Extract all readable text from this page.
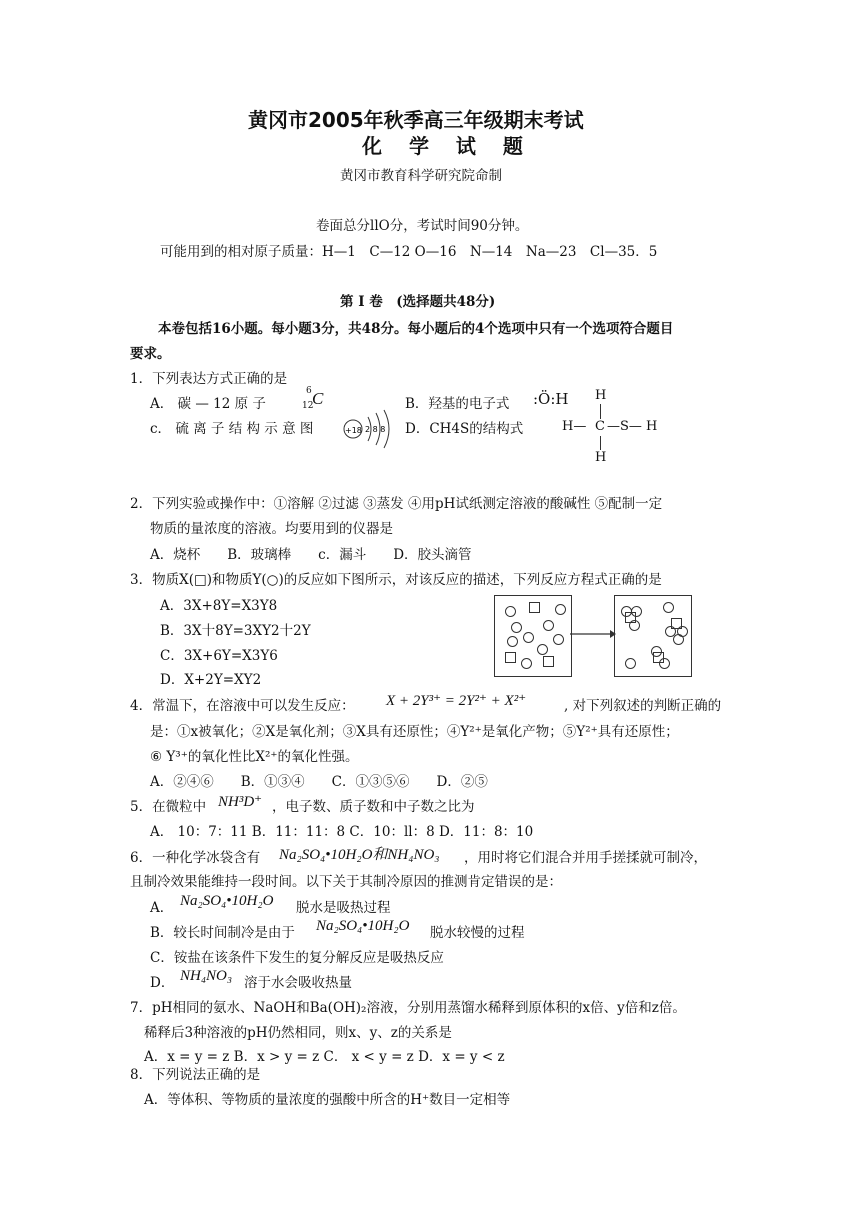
黄冈市2005年秋季高三年级期末考试
化 学 试 题
黄冈市教育科学研究院命制
卷面总分llO分，考试时间90分钟。
可能用到的相对原子质量：H—1　C—12 O—16　N—14　Na—23　Cl—35．5
第 I 卷　(选择题共48分)
本卷包括16小题。每小题3分，共48分。每小题后的4个选项中只有一个选项符合题目
要求。
1．下列表达方式正确的是
A． 碳 — 12 原 子
6
12
C	B．羟基的电子式 :Ö:H
c． 硫 离 子 结 构 示 意 图	+18 2 8 8 D．CH4S的结构式
H
H— C —S— H
H
2．下列实验或操作中：①溶解 ②过滤 ③蒸发 ④用pH试纸测定溶液的酸碱性 ⑤配制一定
物质的量浓度的溶液。均要用到的仪器是
A．烧杯　　B．玻璃棒　　c．漏斗　　D．胶头滴管
3．物质X(□)和物质Y(○)的反应如下图所示，对该反应的描述，下列反应方程式正确的是
A．3X+8Y=X3Y8
B．3X十8Y=3XY2十2Y
C．3X+6Y=X3Y6
D．X+2Y=XY2
4．常温下，在溶液中可以发生反应： X + 2Y³⁺ = 2Y²⁺ + X²⁺	, 对下列叙述的判断正确的
是：①x被氧化；②X是氧化剂；③X具有还原性；④Y²⁺是氧化产物；⑤Y²⁺具有还原性；
⑥ Y³⁺的氧化性比X²⁺的氧化性强。
A．②④⑥　　B．①③④　　C．①③⑤⑥　　D．②⑤
5．在微粒中 NH³D⁺ ，电子数、质子数和中子数之比为
A． 10：7：11 B．11：11：8 C．10：ll：8 D．11：8：10
6．一种化学冰袋含有 Na₂SO₄•10H₂O和NH₄NO₃ ，用时将它们混合并用手搓揉就可制冷，
且制冷效果能维持一段时间。以下关于其制冷原因的推测肯定错误的是：
A． Na₂SO₄•10H₂O 脱水是吸热过程
B．较长时间制冷是由于 Na₂SO₄•10H₂O 脱水较慢的过程
C．铵盐在该条件下发生的复分解反应是吸热反应
D． NH₄NO₃ 溶于水会吸收热量
7．pH相同的氨水、NaOH和Ba(OH)₂溶液，分别用蒸馏水稀释到原体积的x倍、y倍和z倍。
稀释后3种溶液的pH仍然相同，则x、y、z的关系是
A．x = y = z B．x > y = z C． x < y = z D．x = y < z
8．下列说法正确的是
A．等体积、等物质的量浓度的强酸中所含的H⁺数目一定相等
